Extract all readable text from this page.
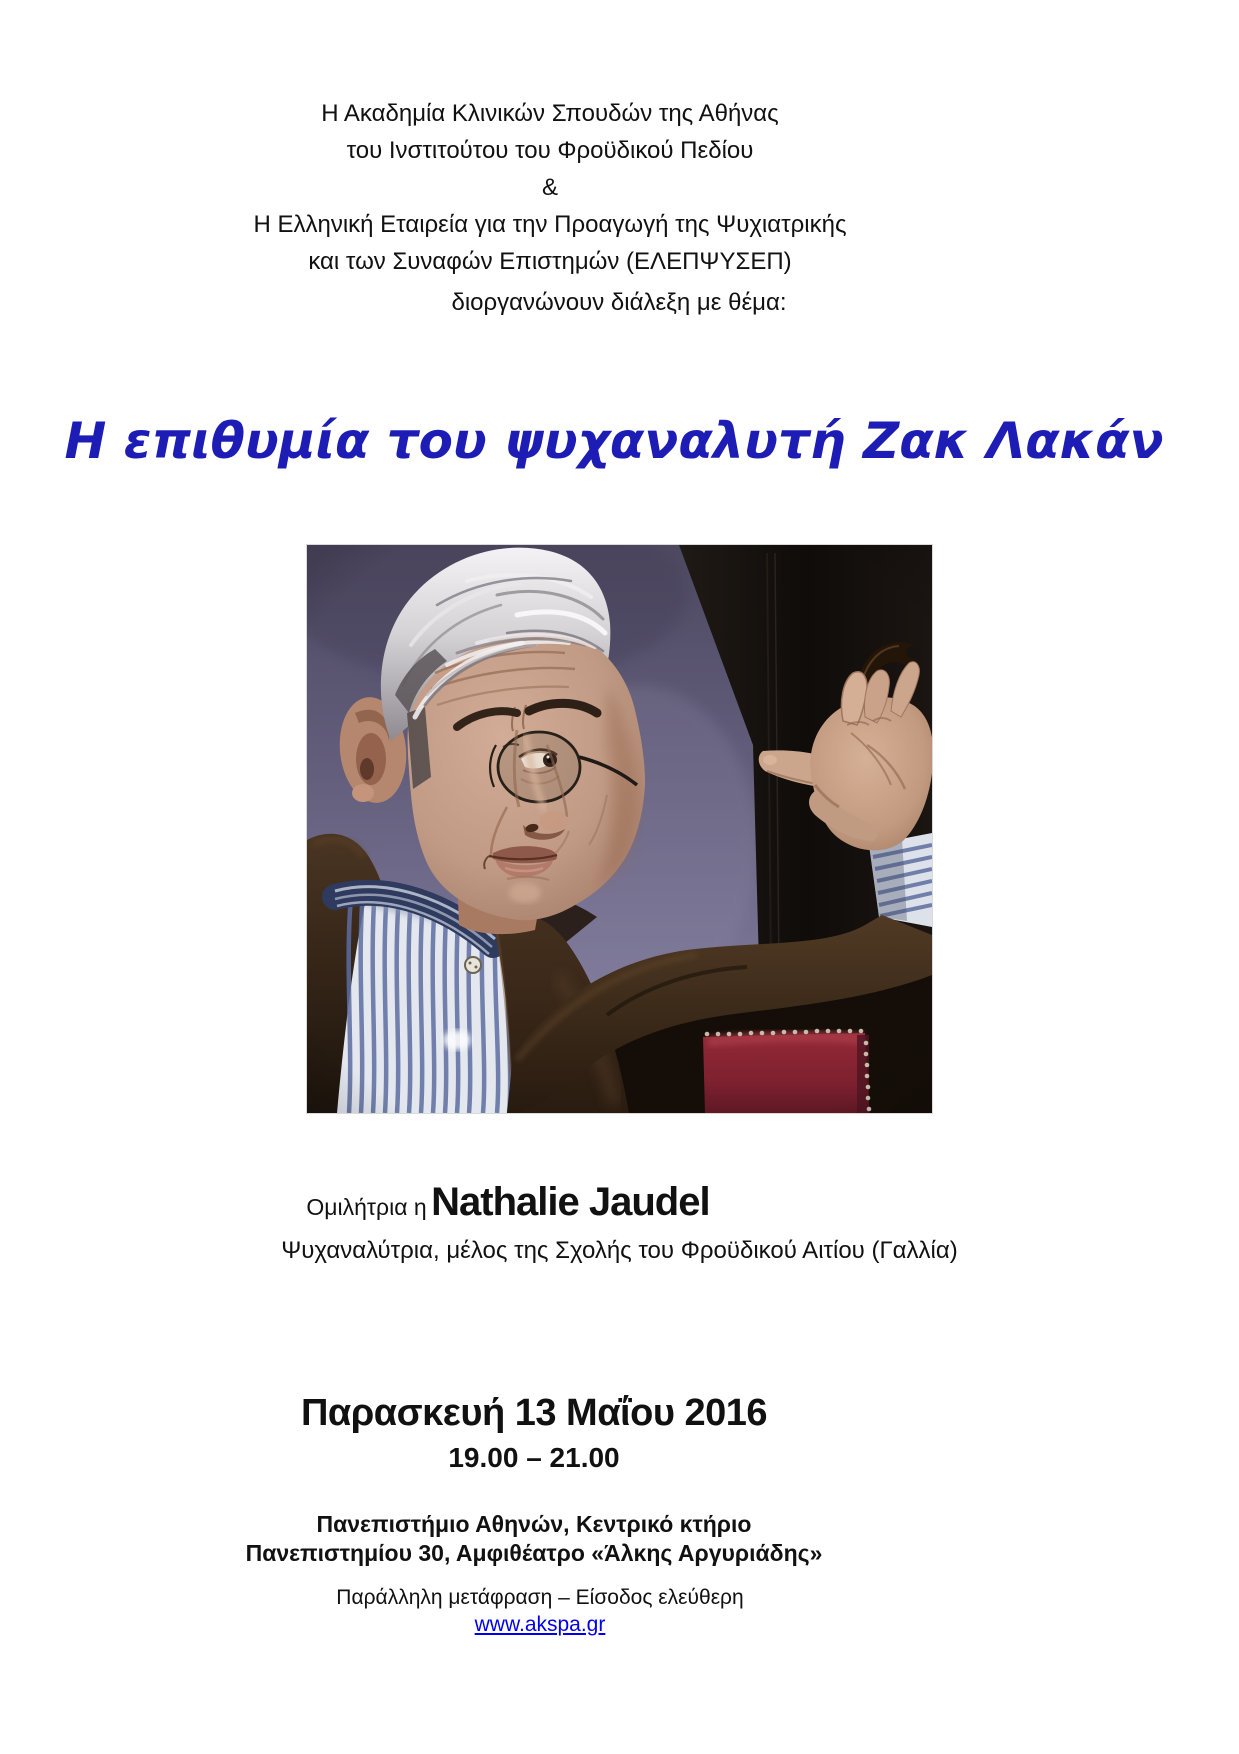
Η Ακαδημία Κλινικών Σπουδών της Αθήνας
του Ινστιτούτου του Φροϋδικού Πεδίου
&
Η Ελληνική Εταιρεία για την Προαγωγή της Ψυχιατρικής
και των Συναφών Επιστημών (ΕΛΕΠΨΥΣΕΠ)
διοργανώνουν διάλεξη με θέμα:
Η επιθυμία του ψυχαναλυτή Ζακ Λακάν
Ομιλήτρια η Nathalie Jaudel
Ψυχαναλύτρια, μέλος της Σχολής του Φροϋδικού Αιτίου (Γαλλία)
Παρασκευή 13 Μαΐου 2016
19.00 – 21.00
Πανεπιστήμιο Αθηνών, Κεντρικό κτήριο
Πανεπιστημίου 30, Αμφιθέατρο «Άλκης Αργυριάδης»
Παράλληλη μετάφραση – Είσοδος ελεύθερη
www.akspa.gr
